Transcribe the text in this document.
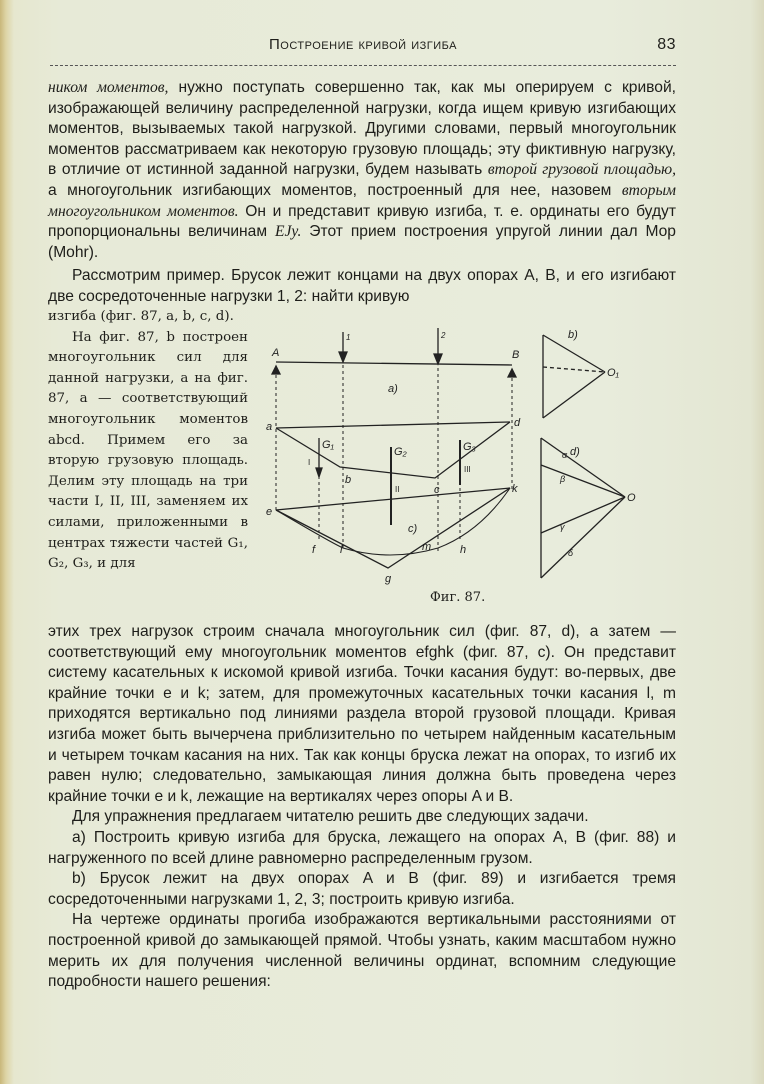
Построение кривой изгиба	83

ником моментов, нужно поступать совершенно так, как мы оперируем с кривой, изображающей величину распределенной нагрузки, когда ищем кривую изгибающих моментов, вызываемых такой нагрузкой. Другими словами, первый многоугольник моментов рассматриваем как некоторую грузовую площадь; эту фиктивную нагрузку, в отличие от истинной заданной нагрузки, будем называть второй грузовой площадью, а многоугольник изгибающих моментов, построенный для нее, назовем вторым многоугольником моментов. Он и представит кривую изгиба, т. е. ординаты его будут пропорциональны величинам EJy. Этот прием построения упругой линии дал Мор (Mohr).

Рассмотрим пример. Брусок лежит концами на двух опорах A, B, и его изгибают две сосредоточенные нагрузки 1, 2: найти кривую

изгиба (фиг. 87, a, b, c, d).

На фиг. 87, b построен многоугольник сил для данной нагрузки, а на фиг. 87, a — соответствующий многоугольник моментов abcd. Примем его за вторую грузовую площадь. Делим эту площадь на три части I, II, III, заменяем их силами, приложенными в центрах тяжести частей G₁, G₂, G₃, и для

A	B
1	2
a)
a	d
b
c
G₁
G₂	G₃
I
II
III
e
k
c)
f l	m	h
g
b)
O₁
d)
O
α
β
γ
δ
Фиг. 87.

этих трех нагрузок строим сначала многоугольник сил (фиг. 87, d), а затем — соответствующий ему многоугольник моментов efghk (фиг. 87, c). Он представит систему касательных к искомой кривой изгиба. Точки касания будут: во-первых, две крайние точки e и k; затем, для промежуточных касательных точки касания l, m приходятся вертикально под линиями раздела второй грузовой площади. Кривая изгиба может быть вычерчена приблизительно по четырем найденным касательным и четырем точкам касания на них. Так как концы бруска лежат на опорах, то изгиб их равен нулю; следовательно, замыкающая линия должна быть проведена через крайние точки e и k, лежащие на вертикалях через опоры A и B.

Для упражнения предлагаем читателю решить две следующих задачи.

a) Построить кривую изгиба для бруска, лежащего на опорах A, B (фиг. 88) и нагруженного по всей длине равномерно распределенным грузом.

b) Брусок лежит на двух опорах A и B (фиг. 89) и изгибается тремя сосредоточенными нагрузками 1, 2, 3; построить кривую изгиба.

На чертеже ординаты прогиба изображаются вертикальными расстояниями от построенной кривой до замыкающей прямой. Чтобы узнать, каким масштабом нужно мерить их для получения численной величины ординат, вспомним следующие подробности нашего решения:
